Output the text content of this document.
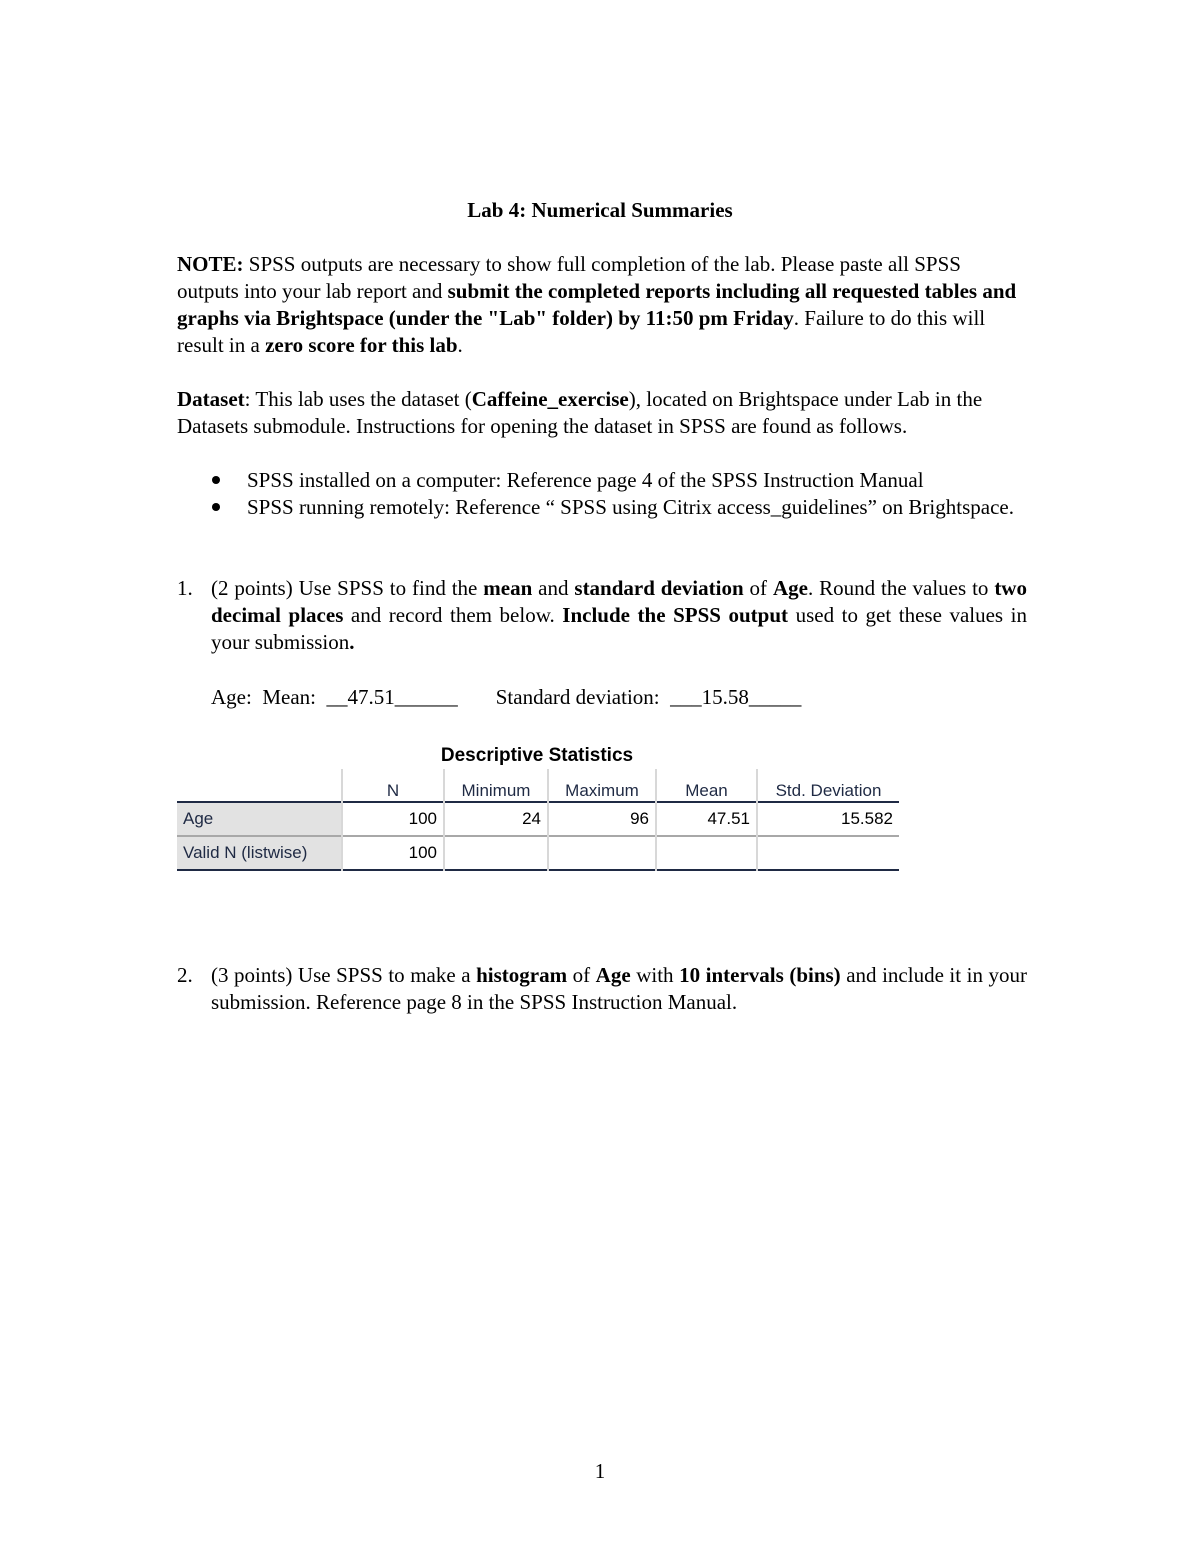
Lab 4: Numerical Summaries
NOTE: SPSS outputs are necessary to show full completion of the lab. Please paste all SPSS outputs into your lab report and submit the completed reports including all requested tables and graphs via Brightspace (under the "Lab" folder) by 11:50 pm Friday. Failure to do this will result in a zero score for this lab.
Dataset: This lab uses the dataset (Caffeine_exercise), located on Brightspace under Lab in the Datasets submodule. Instructions for opening the dataset in SPSS are found as follows.
SPSS installed on a computer: Reference page 4 of the SPSS Instruction Manual
SPSS running remotely: Reference “ SPSS using Citrix access_guidelines” on Brightspace.
1. (2 points) Use SPSS to find the mean and standard deviation of Age. Round the values to two decimal places and record them below. Include the SPSS output used to get these values in your submission.
Age:  Mean:  __47.51______ Standard deviation:  ___15.58_____
Descriptive Statistics
	N	Minimum	Maximum	Mean	Std. Deviation
Age	100	24	96	47.51	15.582
Valid N (listwise)	100				
2. (3 points) Use SPSS to make a histogram of Age with 10 intervals (bins) and include it in your submission. Reference page 8 in the SPSS Instruction Manual.
1
